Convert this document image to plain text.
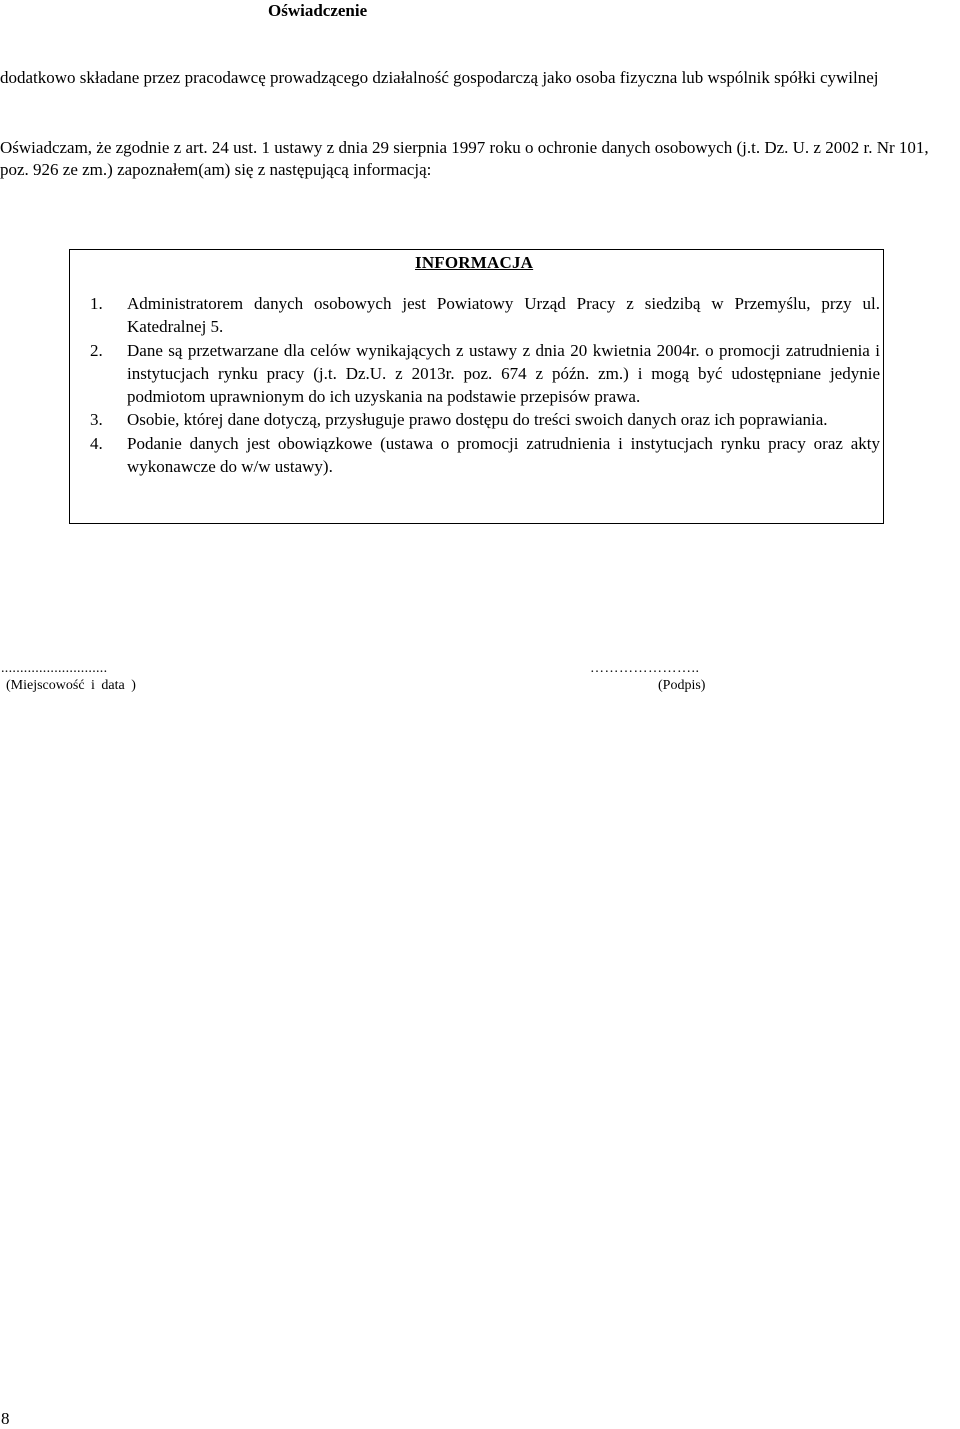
Oświadczenie
dodatkowo składane przez pracodawcę prowadzącego działalność gospodarczą jako osoba fizyczna lub wspólnik spółki cywilnej
Oświadczam, że zgodnie z art. 24 ust. 1 ustawy z dnia 29 sierpnia 1997 roku o ochronie danych osobowych (j.t. Dz. U. z 2002 r. Nr 101, poz. 926 ze zm.) zapoznałem(am) się z następującą informacją:
INFORMACJA
1.	Administratorem danych osobowych jest Powiatowy Urząd Pracy z siedzibą w Przemyślu, przy ul. Katedralnej 5.
2.	Dane są przetwarzane dla celów wynikających z ustawy z dnia 20 kwietnia 2004r. o promocji zatrudnienia i instytucjach rynku pracy (j.t. Dz.U. z 2013r. poz. 674 z późn. zm.) i mogą być udostępniane jedynie podmiotom uprawnionym do ich uzyskania na podstawie przepisów prawa.
3.	Osobie, której dane dotyczą, przysługuje prawo dostępu do treści swoich danych oraz ich poprawiania.
4.	Podanie danych jest obowiązkowe (ustawa o promocji zatrudnienia i instytucjach rynku pracy oraz akty wykonawcze do w/w ustawy).
............................
(Miejscowość i data )
…………………..
(Podpis)
8
